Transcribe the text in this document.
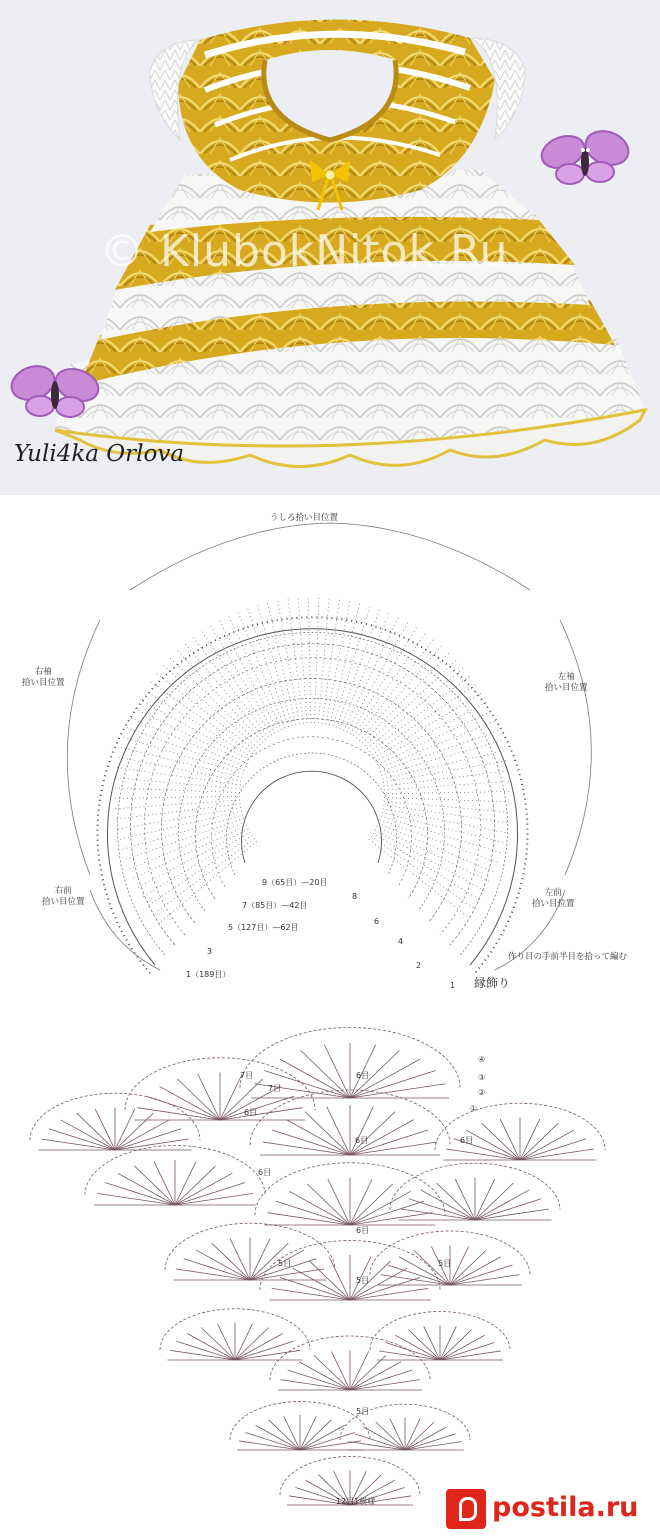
© KlubokNitok.Ru
Yuli4ka Orlova
うしろ拾い目位置
右袖
拾い目位置
左袖
拾い目位置
右前
拾い目位置
左前
拾い目位置
作り目の手前半目を拾って編む
縁飾り
9（65目）—20目
7（85目）—42目
5（127目）—62目
3
1（189目）
8
6
4
2
1
7目
7目
6目
6目
6目	6目
6目
6目
5目	5目
5目
5目
④
③
②
①
12目1模様	postila.ru
